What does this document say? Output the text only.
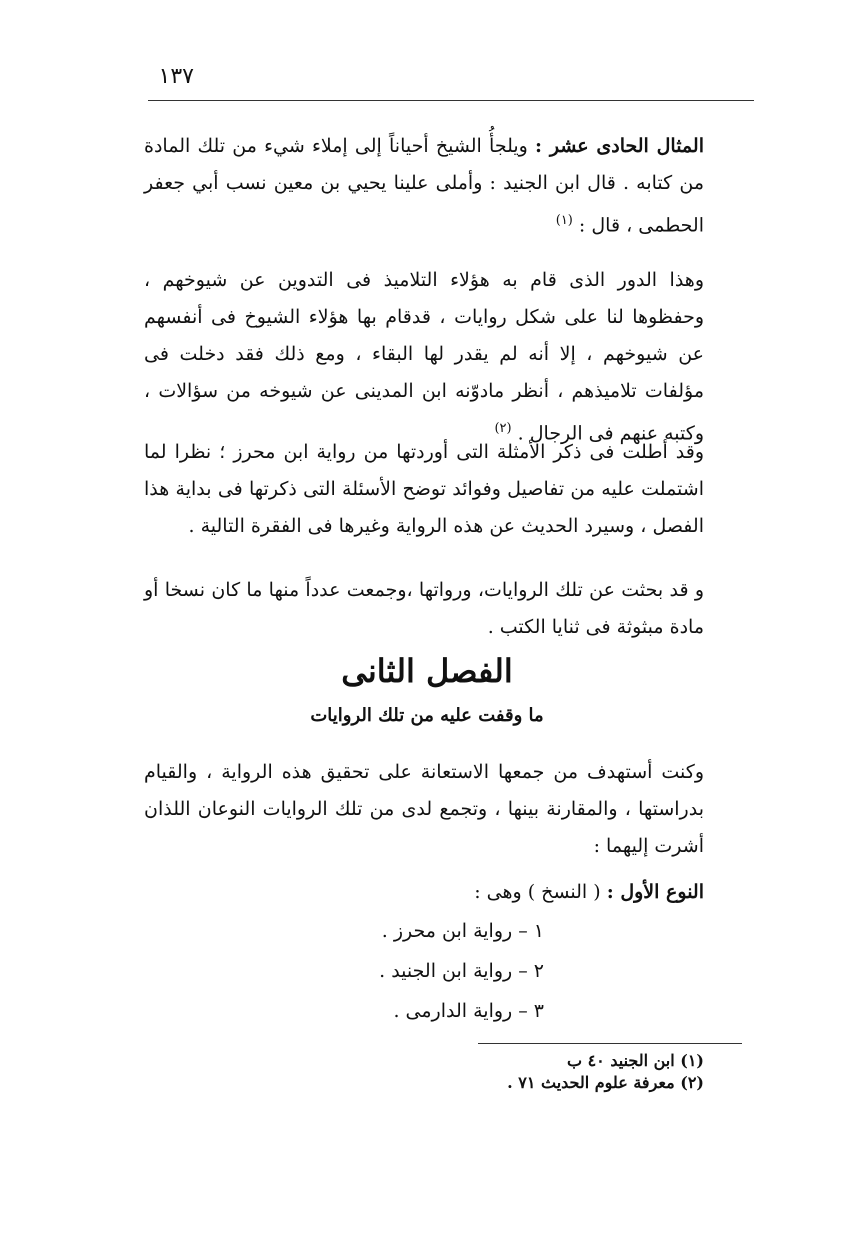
١٣٧

المثال الحادى عشر : ويلجأُ الشيخ أحياناً إلى إملاء شيء من تلك المادة من كتابه . قال ابن الجنيد : وأملى علينا يحيي بن معين نسب أبي جعفر الحطمى ، قال : $^{(١)}$

وهذا الدور الذى قام به هؤلاء التلاميذ فى التدوين عن شيوخهم ، وحفظوها لنا على شكل روايات ، قدقام بها هؤلاء الشيوخ فى أنفسهم عن شيوخهم ، إلا أنه لم يقدر لها البقاء ، ومع ذلك فقد دخلت فى مؤلفات تلاميذهم ، أنظر مادوّنه ابن المدينى عن شيوخه من سؤالات ، وكتبه عنهم فى الرجال . $^{(٢)}$

وقد أطلت فى ذكر الأمثلة التى أوردتها من رواية ابن محرز ؛ نظرا لما اشتملت عليه من تفاصيل وفوائد توضح الأسئلة التى ذكرتها فى بداية هذا الفصل ، وسيرد الحديث عن هذه الرواية وغيرها فى الفقرة التالية .

و قد بحثت عن تلك الروايات، ورواتها ،وجمعت عدداً منها ما كان نسخا أو مادة مبثوثة فى ثنايا الكتب .

الفصل الثانى
ما وقفت عليه من تلك الروايات

وكنت أستهدف من جمعها الاستعانة على تحقيق هذه الرواية ، والقيام بدراستها ، والمقارنة بينها ، وتجمع لدى من تلك الروايات النوعان اللذان أشرت إليهما :

النوع الأول : ( النسخ ) وهى :

١ – رواية ابن محرز .
٢ – رواية ابن الجنيد .
٣ – رواية الدارمى .
(١) ابن الجنيد ٤٠ ب
(٢) معرفة علوم الحديث ٧١ .
